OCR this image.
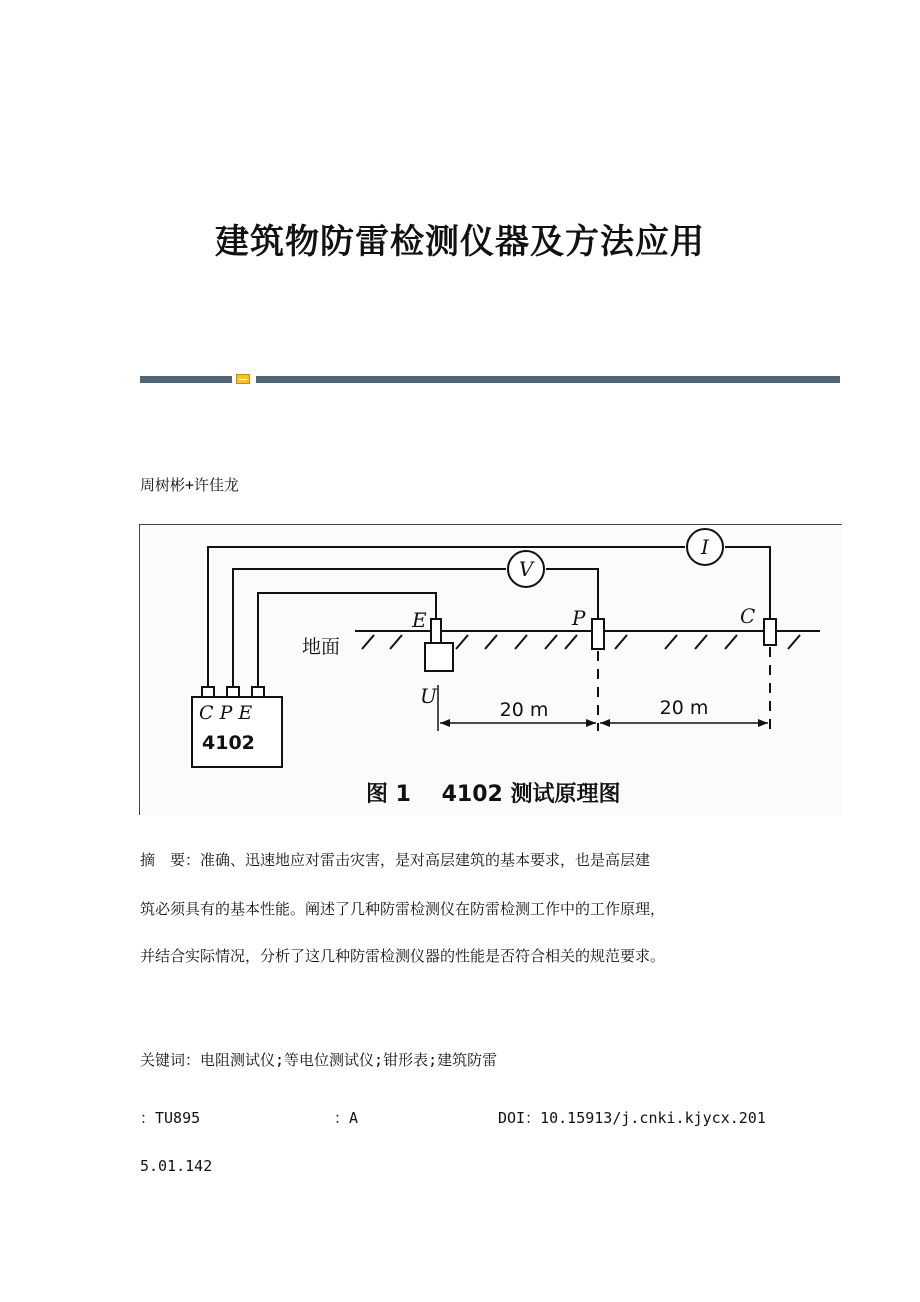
建筑物防雷检测仪器及方法应用
周树彬+许佳龙
I
V
E	P	C
U
C P E
地面
20 m	20 m
4102
图 1    4102 测试原理图
摘　要：准确、迅速地应对雷击灾害，是对高层建筑的基本要求，也是高层建
筑必须具有的基本性能。阐述了几种防雷检测仪在防雷检测工作中的工作原理，
并结合实际情况，分析了这几种防雷检测仪器的性能是否符合相关的规范要求。
关键词：电阻测试仪;等电位测试仪;钳形表;建筑防雷
：TU895	：A	DOI：10.15913/j.cnki.kjycx.201
5.01.142
